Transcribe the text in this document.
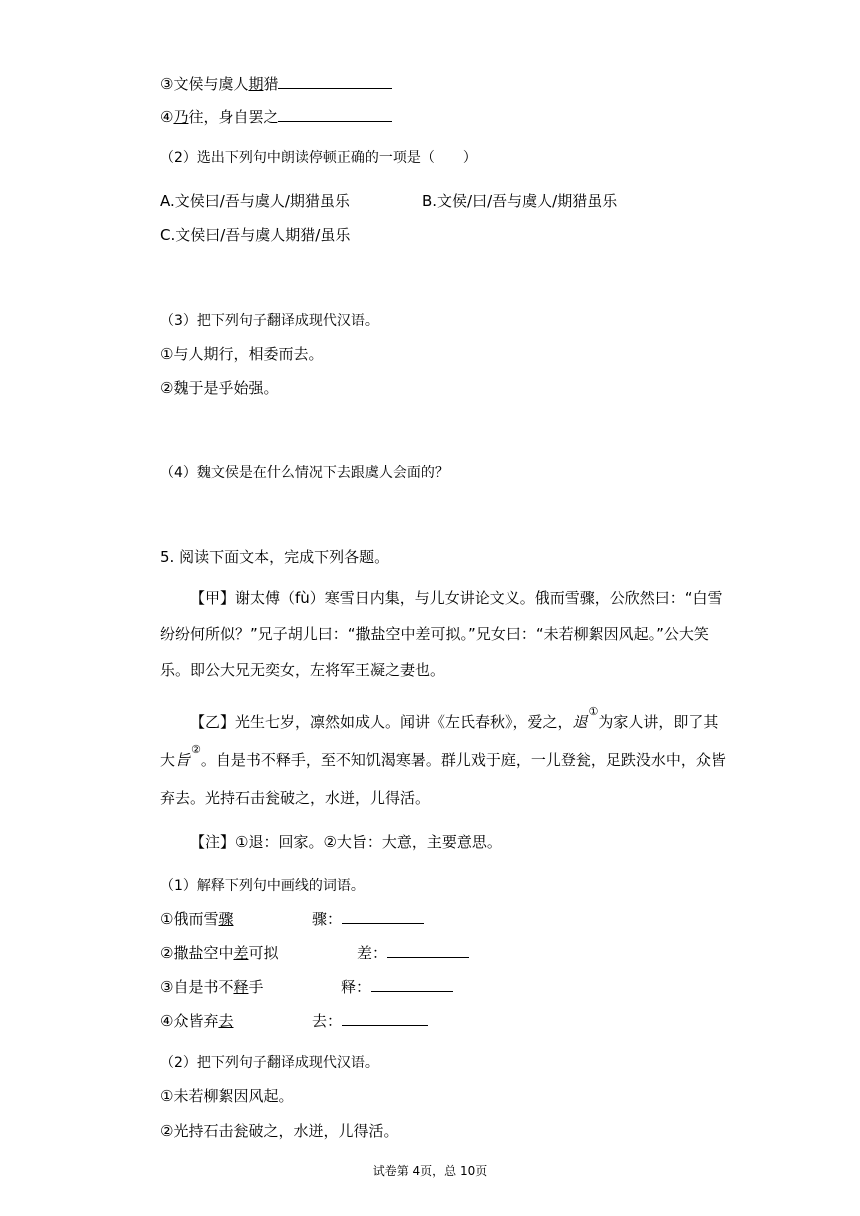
③文侯与虞人期猎
④乃往，身自罢之
（2）选出下列句中朗读停顿正确的一项是（　　）
A.文侯曰/吾与虞人/期猎虽乐	B.文侯/曰/吾与虞人/期猎虽乐
C.文侯曰/吾与虞人期猎/虽乐
（3）把下列句子翻译成现代汉语。
①与人期行，相委而去。
②魏于是乎始强。
（4）魏文侯是在什么情况下去跟虞人会面的？
5. 阅读下面文本，完成下列各题。

【甲】谢太傅（fù）寒雪日内集，与儿女讲论文义。俄而雪骤，公欣然曰：“白雪纷纷何所似？”兄子胡儿曰：“撒盐空中差可拟。”兄女曰：“未若柳絮因风起。”公大笑乐。即公大兄无奕女，左将军王凝之妻也。

【乙】光生七岁，凛然如成人。闻讲《左氏春秋》，爱之，退①为家人讲，即了其大旨②。自是书不释手，至不知饥渴寒暑。群儿戏于庭，一儿登瓮，足跌没水中，众皆弃去。光持石击瓮破之，水迸，儿得活。

【注】①退：回家。②大旨：大意，主要意思。
（1）解释下列句中画线的词语。
①俄而雪骤	骤：
②撒盐空中差可拟	差：
③自是书不释手	释：
④众皆弃去	去：
（2）把下列句子翻译成现代汉语。
①未若柳絮因风起。
②光持石击瓮破之，水迸，儿得活。
试卷第 4页，总 10页
